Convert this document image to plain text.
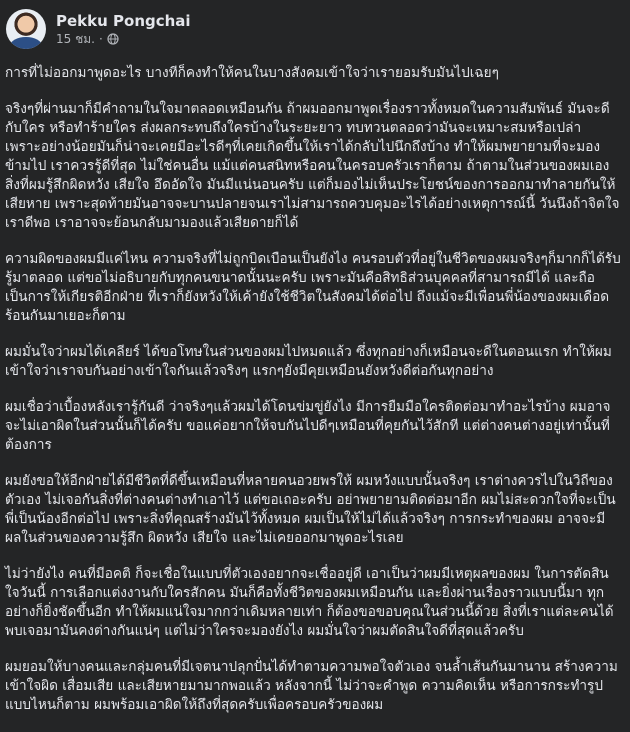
Pekku Pongchai
15 ชม. ·

การที่ไม่ออกมาพูดอะไร บางทีก็คงทำให้คนในบางสังคมเข้าใจว่าเรายอมรับมันไปเฉยๆ

จริงๆที่ผ่านมาก็มีคำถามในใจมาตลอดเหมือนกัน ถ้าผมออกมาพูดเรื่องราวทั้งหมดในความสัมพันธ์ มันจะดีกับใคร หรือทำร้ายใคร ส่งผลกระทบถึงใครบ้างในระยะยาว ทบทวนตลอดว่ามันจะเหมาะสมหรือเปล่า เพราะอย่างน้อยมันก็น่าจะเคยมีอะไรดีๆที่เคยเกิดขึ้นให้เราได้กลับไปนึกถึงบ้าง ทำให้ผมพยายามที่จะมองข้ามไป เราควรรู้ดีที่สุด ไม่ใช่คนอื่น แม้แต่คนสนิทหรือคนในครอบครัวเราก็ตาม ถ้าตามในส่วนของผมเอง สิ่งที่ผมรู้สึกผิดหวัง เสียใจ อึดอัดใจ มันมีแน่นอนครับ แต่ก็มองไม่เห็นประโยชน์ของการออกมาทำลายกันให้เสียหาย เพราะสุดท้ายมันอาจจะบานปลายจนเราไม่สามารถควบคุมอะไรได้อย่างเหตุการณ์นี้ วันนึงถ้าจิตใจเราดีพอ เราอาจจะย้อนกลับมามองแล้วเสียดายก็ได้

ความผิดของผมมีแค่ไหน ความจริงที่ไม่ถูกบิดเบือนเป็นยังไง คนรอบตัวที่อยู่ในชีวิตของผมจริงๆก็มากก็ได้รับรู้มาตลอด แต่ขอไม่อธิบายกับทุกคนขนาดนั้นนะครับ เพราะมันคือสิทธิส่วนบุคคลที่สามารถมีได้ และถือเป็นการให้เกียรติอีกฝ่าย ที่เราก็ยังหวังให้เค้ายังใช้ชีวิตในสังคมได้ต่อไป ถึงแม้จะมีเพื่อนพี่น้องของผมเดือดร้อนกันมาเยอะก็ตาม

ผมมั่นใจว่าผมได้เคลียร์ ได้ขอโทษในส่วนของผมไปหมดแล้ว ซึ่งทุกอย่างก็เหมือนจะดีในตอนแรก ทำให้ผมเข้าใจว่าเราจบกันอย่างเข้าใจกันแล้วจริงๆ แรกๆยังมีคุยเหมือนยังหวังดีต่อกันทุกอย่าง

ผมเชื่อว่าเบื้องหลังเรารู้กันดี ว่าจริงๆแล้วผมได้โดนข่มขู่ยังไง มีการยืมมือใครติดต่อมาทำอะไรบ้าง ผมอาจจะไม่เอาผิดในส่วนนั้นก็ได้ครับ ขอแค่อยากให้จบกันไปดีๆเหมือนที่คุยกันไว้สักที แต่ต่างคนต่างอยู่เท่านั้นที่ต้องการ

ผมยังขอให้อีกฝ่ายได้มีชีวิตที่ดีขึ้นเหมือนที่หลายคนอวยพรให้ ผมหวังแบบนั้นจริงๆ เราต่างควรไปในวิถีของตัวเอง ไม่เจอกันสิ่งที่ต่างคนต่างทำเอาไว้ แต่ขอเถอะครับ อย่าพยายามติดต่อมาอีก ผมไม่สะดวกใจที่จะเป็นพี่เป็นน้องอีกต่อไป เพราะสิ่งที่คุณสร้างมันไว้ทั้งหมด ผมเป็นให้ไม่ได้แล้วจริงๆ การกระทำของผม อาจจะมีผลในส่วนของความรู้สึก ผิดหวัง เสียใจ และไม่เคยออกมาพูดอะไรเลย

ไม่ว่ายังไง คนที่มีอคติ ก็จะเชื่อในแบบที่ตัวเองอยากจะเชื่ออยู่ดี เอาเป็นว่าผมมีเหตุผลของผม ในการตัดสินใจวันนี้ การเลือกแต่งงานกับใครสักคน มันก็คือทั้งชีวิตของผมเหมือนกัน และยิ่งผ่านเรื่องราวแบบนี้มา ทุกอย่างก็ยิ่งชัดขึ้นอีก ทำให้ผมแน่ใจมากกว่าเดิมหลายเท่า ก็ต้องขอขอบคุณในส่วนนี้ด้วย สิ่งที่เราแต่ละคนได้พบเจอมามันคงต่างกันแน่ๆ แต่ไม่ว่าใครจะมองยังไง ผมมั่นใจว่าผมตัดสินใจดีที่สุดแล้วครับ

ผมยอมให้บางคนและกลุ่มคนที่มีเจตนาปลุกปั่นได้ทำตามความพอใจตัวเอง จนล้ำเส้นกันมานาน สร้างความเข้าใจผิด เสื่อมเสีย และเสียหายมามากพอแล้ว หลังจากนี้ ไม่ว่าจะคำพูด ความคิดเห็น หรือการกระทำรูปแบบไหนก็ตาม ผมพร้อมเอาผิดให้ถึงที่สุดครับเพื่อครอบครัวของผม
